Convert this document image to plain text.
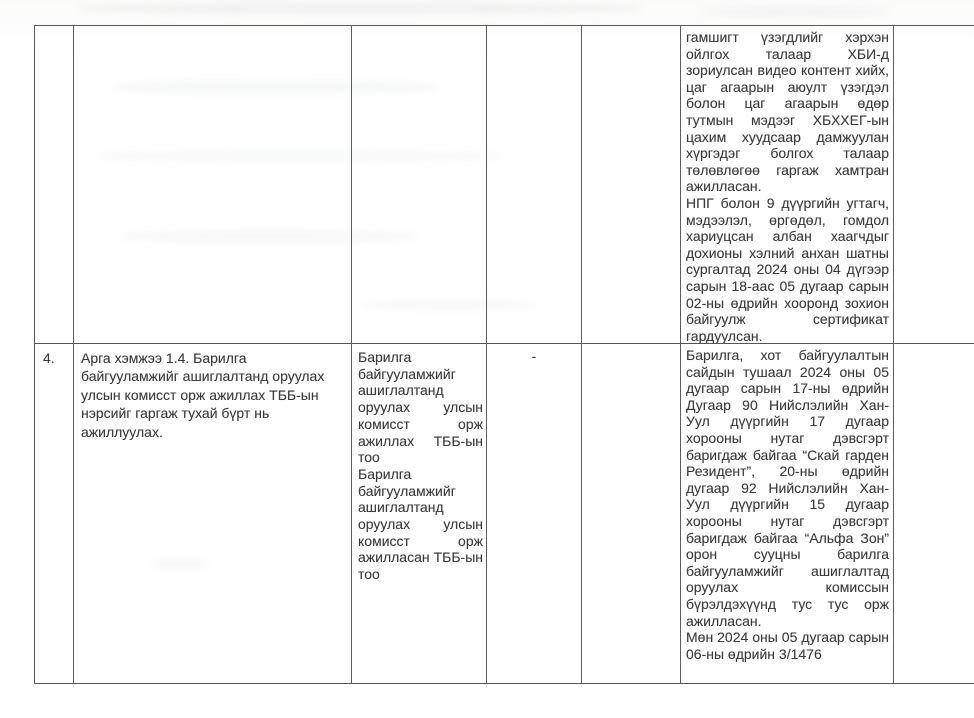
гамшигт үзэгдлийг хэрхэн ойлгох талаар ХБИ-д зориулсан видео контент хийх, цаг агаарын аюулт үзэгдэл болон цаг агаарын өдөр тутмын мэдээг ХБХХЕГ-ын цахим хуудсаар дамжуулан хүргэдэг болгох талаар төлөвлөгөө гаргаж хамтран ажилласан.

НПГ болон 9 дүүргийн угтагч, мэдээлэл, өргөдөл, гомдол хариуцсан албан хаагчдыг дохионы хэлний анхан шатны сургалтад 2024 оны 04 дүгээр сарын 18-аас 05 дугаар сарын 02-ны өдрийн хооронд зохион байгуулж сертификат гардуулсан.

4.	Арга хэмжээ 1.4. Барилга байгууламжийг ашиглалтанд оруулах улсын комисст орж ажиллах ТББ-ын нэрсийг гаргаж тухай бүрт нь ажиллуулах.

Барилга байгууламжийг ашиглалтанд оруулах улсын комисст орж ажиллах ТББ-ын тоо

Барилга байгууламжийг ашиглалтанд оруулах улсын комисст орж ажилласан ТББ-ын тоо

-	Барилга, хот байгуулалтын сайдын тушаал 2024 оны 05 дугаар сарын 17-ны өдрийн Дугаар 90 Нийслэлийн Хан-Уул дүүргийн 17 дугаар хорооны нутаг дэвсгэрт баригдаж байгаа “Скай гарден Резидент”, 20-ны өдрийн дугаар 92 Нийслэлийн Хан-Уул дүүргийн 15 дугаар хорооны нутаг дэвсгэрт баригдаж байгаа “Альфа Зон” орон сууцны барилга байгууламжийг ашиглалтад оруулах комиссын бүрэлдэхүүнд тус тус орж ажилласан.

Мөн 2024 оны 05 дугаар сарын 06-ны өдрийн 3/1476
